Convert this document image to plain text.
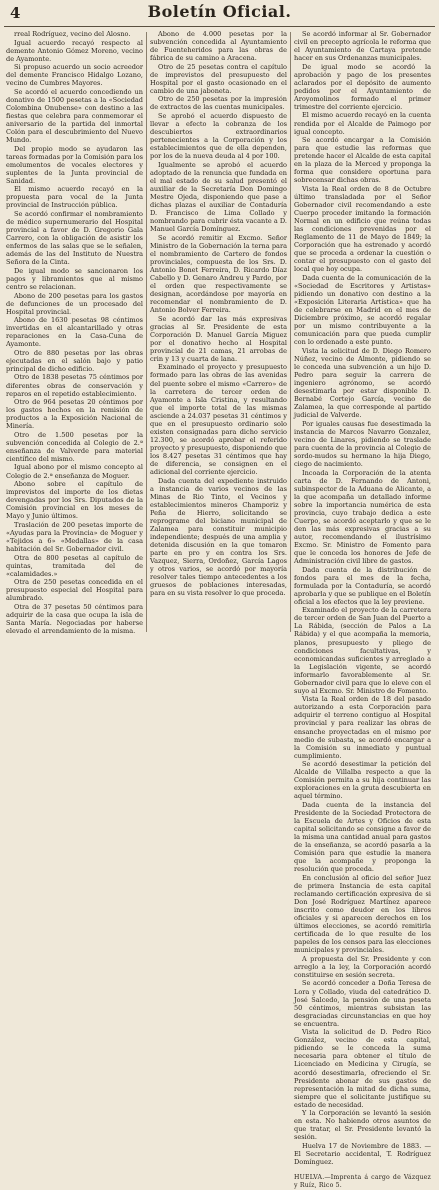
4	Boletín Oficial.

rreal Rodríguez, vecino del Alosno.

Igual acuerdo recayó respecto al demente Antonio Gómez Moreno, vecino de Ayamonte.

Si propuso acuerdo un socio acreedor del demente Francisco Hidalgo Lozano, vecino de Cumbres Mayores.

Se acordó el acuerdo concediendo un donativo de 1500 pesetas a la «Sociedad Colombina Onubense» con destino a las fiestas que celebra para conmemorar el aniversario de la partida del inmortal Colón para el descubrimiento del Nuevo Mundo.

Del propio modo se ayudaron las tareas formadas por la Comisión para los emolumentos de vocales electores y suplentes de la Junta provincial de Sanidad.

El mismo acuerdo recayó en la propuesta para vocal de la Junta provincial de Instrucción pública.

Se acordó confirmar el nombramiento de médico supernumerario del Hospital provincial a favor de D. Gregorio Gala Carrero, con la obligación de asistir los enfermos de las salas que se le señalen, además de las del Instituto de Nuestra Señora de la Cinta.

De igual modo se sancionaron los pagos y libramientos que al mismo centro se relacionan.

Abono de 200 pesetas para los gastos de defunciones de un procesado del Hospital provincial.

Abono de 1630 pesetas 98 céntimos invertidas en el alcantarillado y otras reparaciones en la Casa-Cuna de Ayamonte.

Otro de 880 pesetas por las obras ejecutadas en el salón bajo y patio principal de dicho edificio.

Otro de 1838 pesetas 75 céntimos por diferentes obras de conservación y reparos en el repetido establecimiento.

Otro de 964 pesetas 20 céntimos por los gastos hechos en la remisión de productos a la Exposición Nacional de Minería.

Otro de 1.500 pesetas por la subvención concedida al Colegio de 2.ª enseñanza de Valverde para material científico del mismo.

Igual abono por el mismo concepto al Colegio de 2.ª enseñanza de Moguer.

Abono sobre el capítulo de imprevistos del importe de los dietas devengadas por los Srs. Diputados de la Comisión provincial en los meses de Mayo y Junio últimos.

Traslación de 200 pesetas importe de «Ayudas para la Provincia» de Moguer y «Tejidos a 6» «Medallas» de la casa habitación del Sr. Gobernador civil.

Otra de 800 pesetas al capítulo de quintas, tramitada del de «calamidades.»

Otra de 250 pesetas concedida en el presupuesto especial del Hospital para alumbrado.

Otra de 37 pesetas 50 céntimos para adquirir de la casa que ocupa la isla de Santa María. Negociadas por haberse elevado el arrendamiento de la misma.

Abono de 4.000 pesetas por la subvención concedida al Ayuntamiento de Fuenteheridos para las obras de fábrica de su camino a Aracena.

Otro de 25 pesetas contra el capítulo de imprevistos del presupuesto del Hospital por el gasto ocasionado en el cambio de una jaboneta.

Otro de 250 pesetas por la impresión de extractos de las cuentas municipales.

Se aprobó el acuerdo dispuesto de llevar a efecto la cobranza de los descubiertos extraordinarios pertenecientes a la Corporación y los establecimientos que de ella dependen, por los de la nueva deuda al 4 por 100.

Igualmente se aprobó el acuerdo adoptado de la renuncia que fundada en el mal estado de su salud presentó el auxiliar de la Secretaría Don Domingo Mestre Ojeda, disponiendo que pase a dichas plazas el auxiliar de Contaduría D. Francisco de Lima Collado y nombrando para cubrir ésta vacante a D. Manuel García Domínguez.

Se acordó remitir al Excmo. Señor Ministro de la Gobernación la terna para el nombramiento de Cartero de fondos provinciales, compuesta de los Srs. D. Antonio Bonet Ferreira, D. Ricardo Díaz Cabello y D. Genaro Andreu y Pardo, por el orden que respectivamente se designan, acordándose por mayoría en recomendar el nombramiento de D. Antonio Bolver Ferreira.

Se acordó dar las más expresivas gracias al Sr. Presidente de esta Corporación D. Manuel García Miguez por el donativo hecho al Hospital provincial de 21 camas, 21 arrobas de crin y 13 y cuarta de lana.

Examinado el proyecto y presupuesto formado para las obras de las avenidas del puente sobre el mismo «Carrero» de la carretera de tercer orden de Ayamonte a Isla Cristina, y resultando que el importe total de las mismas asciende a 24.037 pesetas 31 céntimos y que en el presupuesto ordinario solo existen consignadas para dicho servicio 12.300, se acordó aprobar el referido proyecto y presupuesto, disponiendo que los 8.427 pesetas 31 céntimos que hay de diferencia, se consignen en el adicional del corriente ejercicio.

Dada cuenta del expediente instruido a instancia de varios vecinos de las Minas de Rio Tinto, el Vecinos y establecimientos mineros Champoriz y Peña de Hierro, solicitando se reprograme del biciano municipal de Zalamea para constituir municipio independiente; después de una amplia y detenida discusión en la que tomaron parte en pro y en contra los Srs. Vazquez, Sierra, Ordoñez, García Lagos y otros varios, se acordó por mayoría resolver tales tiempo antecedentes a los gruesos de poblaciones interesadas, para en su vista resolver lo que proceda.

Se acordó informar al Sr. Gobernador civil en precepto agrícola le reforma que el Ayuntamiento de Cartaya pretende hacer en sus Ordenanzas municipales.

De igual modo se acordó la aprobación y pago de los presentes aclarados por el depósito de aumento pedidos por el Ayuntamiento de Aroyomolinos formado el primer trimestre del corriente ejercicio.

El mismo acuerdo recayó en la cuenta rendida por el Alcalde de Paimogo por igual concepto.

Se acordó encargar a la Comisión para que estudie las reformas que pretende hacer el Alcalde de esta capital en la plaza de la Merced y proponga la forma que considere oportuna para sobrecensar dichas obras.

Vista la Real orden de 8 de Octubre último transladada por el Señor Gobernador civil recomendando a este Cuerpo proceder imitando la formación Normal en un edificio que reúna todas las condiciones prevenidas por el Reglamento de 11 de Mayo de 1849; la Corporación que ha estrenado y acordó que se proceda a ordenar la cuestión o contar el presupuesto con el gasto del local que hoy ocupa.

Dada cuenta de la comunicación de la «Sociedad de Escritores y Artistas» pidiendo un donativo con destino a la «Exposición Literaria Artística» que ha de celebrarse en Madrid en el mes de Diciembre próximo, se acordó regalar por un mismo contribuyente a la comunicación para que pueda cumplir con lo ordenado a este punto.

Vista la solicitud de D. Diego Romero Núñez, vecino de Almonte, pidiendo se le conceda una subvención a un hijo D. Pedro para seguir la carrera de ingeniero agrónomo, se acordó desestimarla por estar disponible D. Bernabé Cortejo García, vecino de Zalamea, la que corresponde al partido judicial de Valverde.

Por iguales causas fue desestimada la instancia de Marcos Navarro Gonzalez, vecino de Linares, pidiendo se traslade para cuenta de la provincia al Colegio de sordo-mudos su hermano la hija Diego, ciego de nacimiento.

Incoada la Corporación de la atenta carta de D. Fernando de Antoni, subinspector de la Aduana de Alicante, a la que acompaña un detallado informe sobre la importancia numérica de esta provincia, cuyo trabajo dedica a este Cuerpo, se acordó aceptarlo y que se le den las más expresivas gracias a su autor, recomendando el ilustrísimo Excmo. Sr. Ministro de Fomento para que le conceda los honores de Jefe de Administración civil libre de gastos.

Dada cuenta de la distribución de fondos para el mes de la fecha, formulada por la Contaduría, se acordó aprobarla y que se publique en el Boletín oficial a los efectos que la ley previene.

Examinado el proyecto de la carretera de tercer orden de San Juan del Puerto a La Rábida, (sección de Palos a La Rábida) y el que acompaña la memoria, planos, presupuesto y pliego de condiciones facultativas, y economicandas suficientes y arreglado a la Legislación vigente, se acordó informarlo favorablemente al Sr. Gobernador civil para que lo eleve con el suyo al Excmo. Sr. Ministro de Fomento.

Vista la Real orden de 18 del pasado autorizando a esta Corporación para adquirir el terreno contiguo al Hospital provincial y para realizar las obras de ensanche proyectadas en el mismo por medio de subasta, se acordó encargar a la Comisión su inmediato y puntual cumplimiento.

Se acordó desestimar la petición del Alcalde de Villalba respecto a que la Comisión permita a su hija continuar las exploraciones en la gruta descubierta en aquel término.

Dada cuenta de la instancia del Presidente de la Sociedad Protectora de la Escuela de Artes y Oficios de esta capital solicitando se consigne a favor de la misma una cantidad anual para gastos de la enseñanza, se acordó pasarla a la Comisión para que estudie la manera que la acompañe y proponga la resolución que proceda.

En conclusión al oficio del señor Juez de primera Instancia de esta capital reclamando certificación expresiva de si Don José Rodríguez Martínez aparece inscrito como deudor en los libros oficiales y si aparecen derechos en los últimos elecciones, se acordó remitirla certificada de lo que resulte de los papeles de los censos para las elecciones municipales y provinciales.

A propuesta del Sr. Presidente y con arreglo a la ley, la Corporación acordó constituirse en sesión secreta.

Se acordó conceder a Doña Teresa de Lora y Collado, viuda del catedrático D. José Salcedo, la pensión de una peseta 50 céntimos, mientras subsistan las desgraciadas circunstancias en que hoy se encuentra.

Vista la solicitud de D. Pedro Rico González, vecino de esta capital, pidiendo se le conceda la suma necesaria para obtener el título de Licenciado en Medicina y Cirugía, se acordó desestimarla, ofreciendo el Sr. Presidente abonar de sus gastos de representación la mitad de dicha suma, siempre que el solicitante justifique su estado de necesidad.

Y la Corporación se levantó la sesión en esta. No habiendo otros asuntos de que tratar, el Sr. Presidente levantó la sesión.

Huelva 17 de Noviembre de 1883. —El Secretario accidental, T. Rodríguez Domínguez.

HUELVA.—Imprenta á cargo de Vázquez y Ruíz, Rico 5.
